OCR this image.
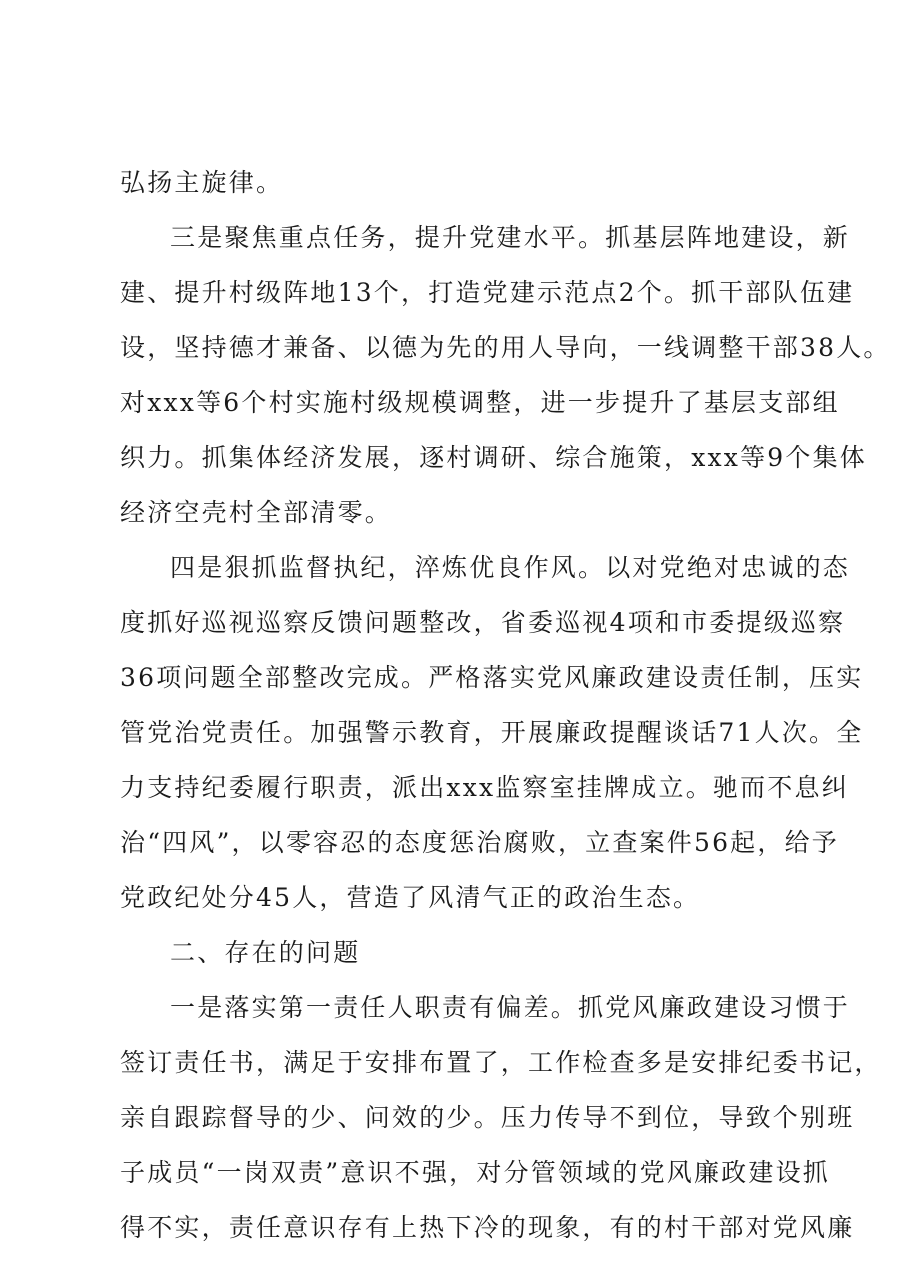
弘扬主旋律。
三是聚焦重点任务，提升党建水平。抓基层阵地建设，新
建、提升村级阵地13个，打造党建示范点2个。抓干部队伍建
设，坚持德才兼备、以德为先的用人导向，一线调整干部38人。
对xxx等6个村实施村级规模调整，进一步提升了基层支部组
织力。抓集体经济发展，逐村调研、综合施策，xxx等9个集体
经济空壳村全部清零。
四是狠抓监督执纪，淬炼优良作风。以对党绝对忠诚的态
度抓好巡视巡察反馈问题整改，省委巡视4项和市委提级巡察
36项问题全部整改完成。严格落实党风廉政建设责任制，压实
管党治党责任。加强警示教育，开展廉政提醒谈话71人次。全
力支持纪委履行职责，派出xxx监察室挂牌成立。驰而不息纠
治“四风”，以零容忍的态度惩治腐败，立查案件56起，给予
党政纪处分45人，营造了风清气正的政治生态。
二、存在的问题
一是落实第一责任人职责有偏差。抓党风廉政建设习惯于
签订责任书，满足于安排布置了，工作检查多是安排纪委书记，
亲自跟踪督导的少、问效的少。压力传导不到位，导致个别班
子成员“一岗双责”意识不强，对分管领域的党风廉政建设抓
得不实，责任意识存有上热下冷的现象，有的村干部对党风廉
